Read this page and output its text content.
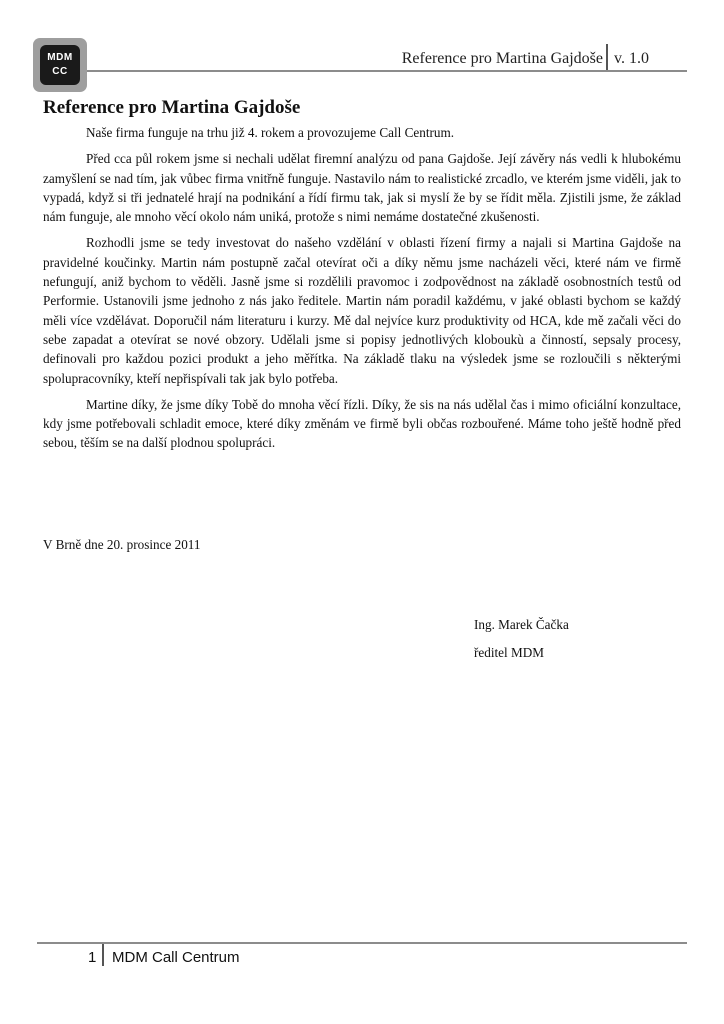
MDM
CC
Reference pro Martina Gajdoše v. 1.0
Reference pro Martina Gajdoše

Naše firma funguje na trhu již 4. rokem a provozujeme Call Centrum.

Před cca půl rokem jsme si nechali udělat firemní analýzu od pana Gajdoše. Její závěry nás vedli k hlubokému zamyšlení se nad tím, jak vůbec firma vnitřně funguje. Nastavilo nám to realistické zrcadlo, ve kterém jsme viděli, jak to vypadá, když si tři jednatelé hrají na podnikání a řídí firmu tak, jak si myslí že by se řídit měla. Zjistili jsme, že základ nám funguje, ale mnoho věcí okolo nám uniká, protože s nimi nemáme dostatečné zkušenosti.

Rozhodli jsme se tedy investovat do našeho vzdělání v oblasti řízení firmy a najali si Martina Gajdoše na pravidelné koučinky. Martin nám postupně začal otevírat oči a díky němu jsme nacházeli věci, které nám ve firmě nefungují, aniž bychom to věděli. Jasně jsme si rozdělili pravomoc i zodpovědnost na základě osobnostních testů od Performie. Ustanovili jsme jednoho z nás jako ředitele. Martin nám poradil každému, v jaké oblasti bychom se každý měli více vzdělávat. Doporučil nám literaturu i kurzy. Mě dal nejvíce kurz produktivity od HCA, kde mě začali věci do sebe zapadat a otevírat se nové obzory. Udělali jsme si popisy jednotlivých kloboukù a činností, sepsaly procesy, definovali pro každou pozici produkt a jeho měřítka. Na základě tlaku na výsledek jsme se rozloučili s některými spolupracovníky, kteří nepřispívali tak jak bylo potřeba.

Martine díky, že jsme díky Tobě do mnoha věcí řízli. Díky, že sis na nás udělal čas i mimo oficiální konzultace, kdy jsme potřebovali schladit emoce, které díky změnám ve firmě byli občas rozbouřené. Máme toho ještě hodně před sebou, těším se na další plodnou spolupráci.

V Brně dne 20. prosince 2011
Ing. Marek Čačka
ředitel MDM
1 MDM Call Centrum
